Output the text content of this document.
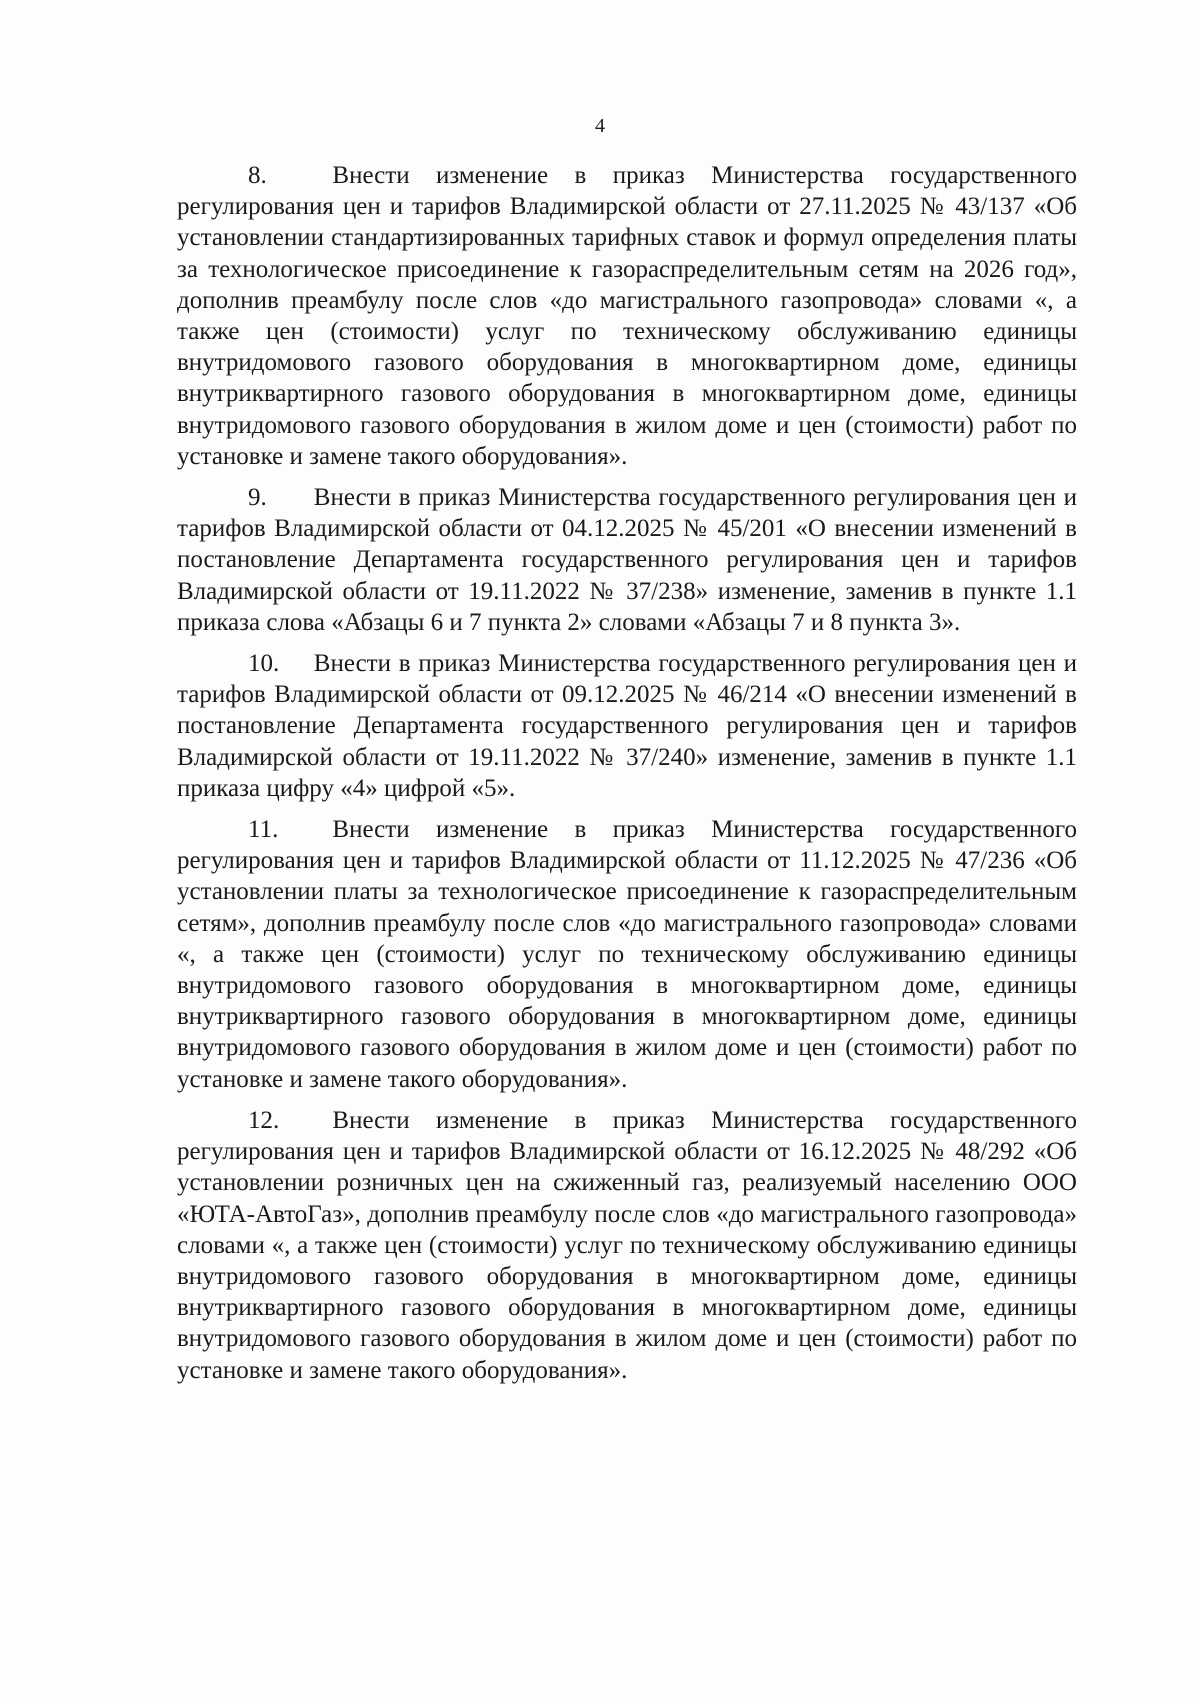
4

8.	Внести изменение в приказ Министерства государственного регулирования цен и тарифов Владимирской области от 27.11.2025 № 43/137 «Об установлении стандартизированных тарифных ставок и формул определения платы за технологическое присоединение к газораспределительным сетям на 2026 год», дополнив преамбулу после слов «до магистрального газопровода» словами «, а также цен (стоимости) услуг по техническому обслуживанию единицы внутридомового газового оборудования в многоквартирном доме, единицы внутриквартирного газового оборудования в многоквартирном доме, единицы внутридомового газового оборудования в жилом доме и цен (стоимости) работ по установке и замене такого оборудования».

9. Внести в приказ Министерства государственного регулирования цен и тарифов Владимирской области от 04.12.2025 № 45/201 «О внесении изменений в постановление Департамента государственного регулирования цен и тарифов Владимирской области от 19.11.2022 № 37/238» изменение, заменив в пункте 1.1 приказа слова «Абзацы 6 и 7 пункта 2» словами «Абзацы 7 и 8 пункта 3».

10. Внести в приказ Министерства государственного регулирования цен и тарифов Владимирской области от 09.12.2025 № 46/214 «О внесении изменений в постановление Департамента государственного регулирования цен и тарифов Владимирской области от 19.11.2022 № 37/240» изменение, заменив в пункте 1.1 приказа цифру «4» цифрой «5».

11. Внести изменение в приказ Министерства государственного регулирования цен и тарифов Владимирской области от 11.12.2025 № 47/236 «Об установлении платы за технологическое присоединение к газораспределительным сетям», дополнив преамбулу после слов «до магистрального газопровода» словами «, а также цен (стоимости) услуг по техническому обслуживанию единицы внутридомового газового оборудования в многоквартирном доме, единицы внутриквартирного газового оборудования в многоквартирном доме, единицы внутридомового газового оборудования в жилом доме и цен (стоимости) работ по установке и замене такого оборудования».

12. Внести изменение в приказ Министерства государственного регулирования цен и тарифов Владимирской области от 16.12.2025 № 48/292 «Об установлении розничных цен на сжиженный газ, реализуемый населению ООО «ЮТА-АвтоГаз», дополнив преамбулу после слов «до магистрального газопровода» словами «, а также цен (стоимости) услуг по техническому обслуживанию единицы внутридомового газового оборудования в многоквартирном доме, единицы внутриквартирного газового оборудования в многоквартирном доме, единицы внутридомового газового оборудования в жилом доме и цен (стоимости) работ по установке и замене такого оборудования».
